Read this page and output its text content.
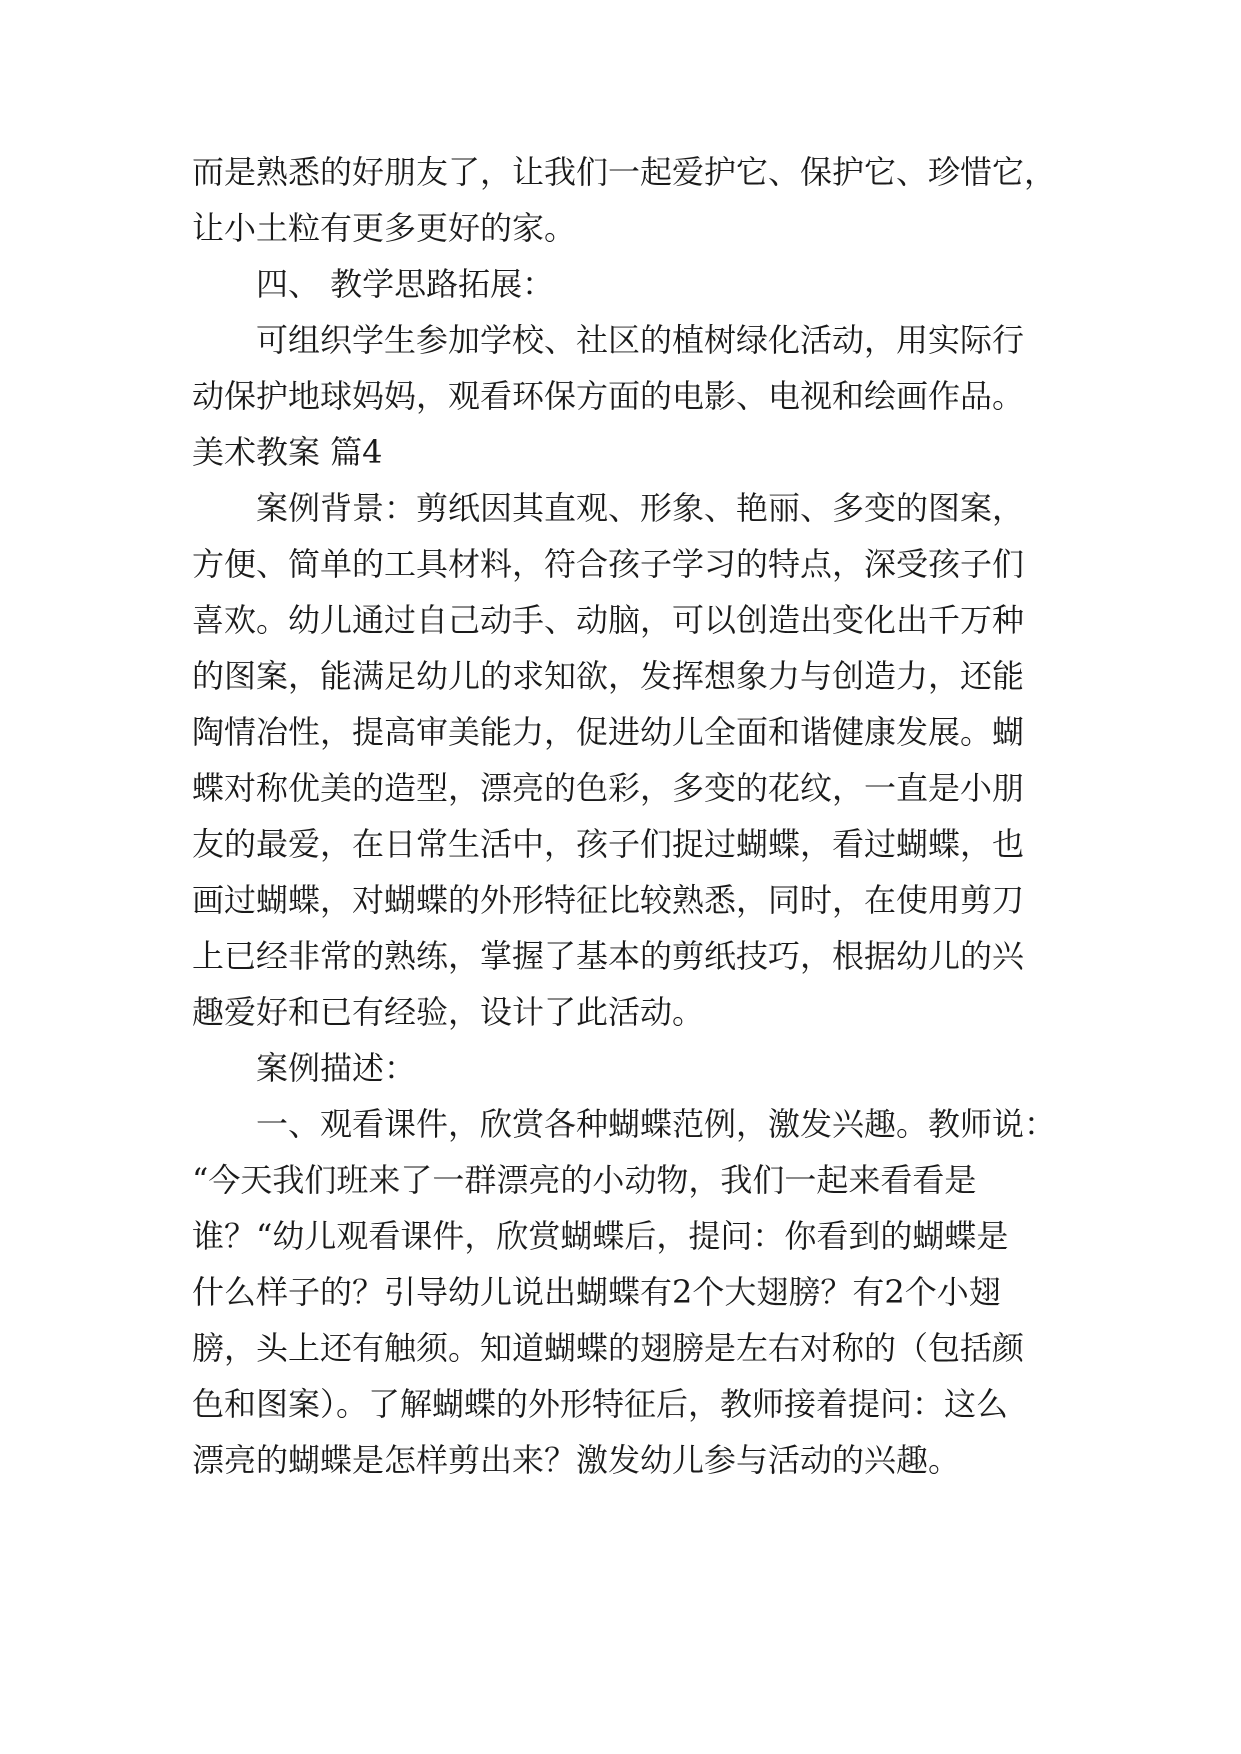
而是熟悉的好朋友了，让我们一起爱护它、保护它、珍惜它，
让小土粒有更多更好的家。
四、 教学思路拓展：
可组织学生参加学校、社区的植树绿化活动，用实际行
动保护地球妈妈，观看环保方面的电影、电视和绘画作品。
美术教案 篇4
案例背景：剪纸因其直观、形象、艳丽、多变的图案，
方便、简单的工具材料，符合孩子学习的特点，深受孩子们
喜欢。幼儿通过自己动手、动脑，可以创造出变化出千万种
的图案，能满足幼儿的求知欲，发挥想象力与创造力，还能
陶情冶性，提高审美能力，促进幼儿全面和谐健康发展。蝴
蝶对称优美的造型，漂亮的色彩，多变的花纹，一直是小朋
友的最爱，在日常生活中，孩子们捉过蝴蝶，看过蝴蝶，也
画过蝴蝶，对蝴蝶的外形特征比较熟悉，同时，在使用剪刀
上已经非常的熟练，掌握了基本的剪纸技巧，根据幼儿的兴
趣爱好和已有经验，设计了此活动。
案例描述：
一、观看课件，欣赏各种蝴蝶范例，激发兴趣。教师说：
“今天我们班来了一群漂亮的小动物，我们一起来看看是
谁？“幼儿观看课件，欣赏蝴蝶后，提问：你看到的蝴蝶是
什么样子的？引导幼儿说出蝴蝶有2个大翅膀？有2个小翅
膀，头上还有触须。知道蝴蝶的翅膀是左右对称的（包括颜
色和图案）。了解蝴蝶的外形特征后，教师接着提问：这么
漂亮的蝴蝶是怎样剪出来？激发幼儿参与活动的兴趣。
